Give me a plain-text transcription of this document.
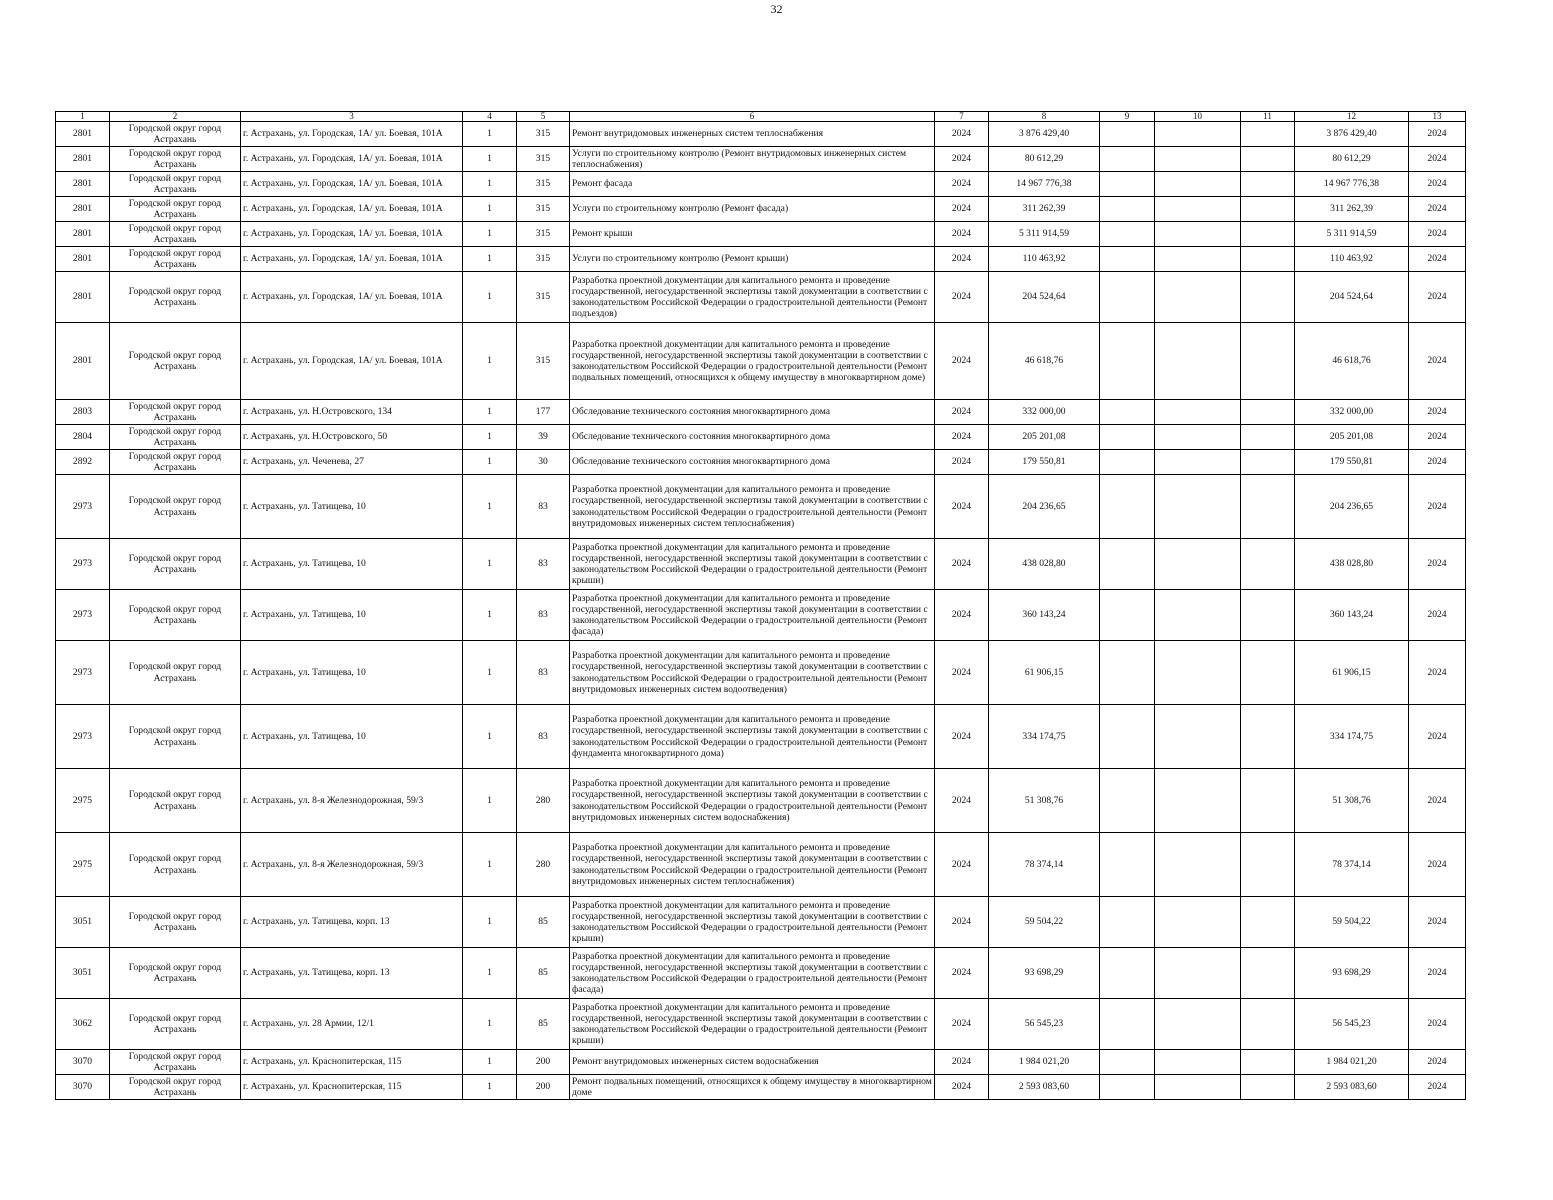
32
1	2	3	4	5	6	7	8	9	10	11	12	13
2801	Городской округ город Астрахань	г. Астрахань, ул. Городская, 1А/ ул. Боевая, 101А	1	315	Ремонт внутридомовых инженерных систем теплоснабжения	2024	3 876 429,40				3 876 429,40	2024
2801	Городской округ город Астрахань	г. Астрахань, ул. Городская, 1А/ ул. Боевая, 101А	1	315	Услуги по строительному контролю (Ремонт внутридомовых инженерных систем теплоснабжения)	2024	80 612,29				80 612,29	2024
2801	Городской округ город Астрахань	г. Астрахань, ул. Городская, 1А/ ул. Боевая, 101А	1	315	Ремонт фасада	2024	14 967 776,38				14 967 776,38	2024
2801	Городской округ город Астрахань	г. Астрахань, ул. Городская, 1А/ ул. Боевая, 101А	1	315	Услуги по строительному контролю (Ремонт фасада)	2024	311 262,39				311 262,39	2024
2801	Городской округ город Астрахань	г. Астрахань, ул. Городская, 1А/ ул. Боевая, 101А	1	315	Ремонт крыши	2024	5 311 914,59				5 311 914,59	2024
2801	Городской округ город Астрахань	г. Астрахань, ул. Городская, 1А/ ул. Боевая, 101А	1	315	Услуги по строительному контролю (Ремонт крыши)	2024	110 463,92				110 463,92	2024
2801	Городской округ город Астрахань	г. Астрахань, ул. Городская, 1А/ ул. Боевая, 101А	1	315	Разработка проектной документации для капитального ремонта и проведение государственной, негосударственной экспертизы такой документации в соответствии с законодательством Российской Федерации о градостроительной деятельности (Ремонт подъездов)	2024	204 524,64				204 524,64	2024
2801	Городской округ город Астрахань	г. Астрахань, ул. Городская, 1А/ ул. Боевая, 101А	1	315	Разработка проектной документации для капитального ремонта и проведение государственной, негосударственной экспертизы такой документации в соответствии с законодательством Российской Федерации о градостроительной деятельности (Ремонт подвальных помещений, относящихся к общему имуществу в многоквартирном доме)	2024	46 618,76				46 618,76	2024
2803	Городской округ город Астрахань	г. Астрахань, ул. Н.Островского, 134	1	177	Обследование технического состояния многоквартирного дома	2024	332 000,00				332 000,00	2024
2804	Городской округ город Астрахань	г. Астрахань, ул. Н.Островского, 50	1	39	Обследование технического состояния многоквартирного дома	2024	205 201,08				205 201,08	2024
2892	Городской округ город Астрахань	г. Астрахань, ул. Чеченева, 27	1	30	Обследование технического состояния многоквартирного дома	2024	179 550,81				179 550,81	2024
2973	Городской округ город Астрахань	г. Астрахань, ул. Татищева, 10	1	83	Разработка проектной документации для капитального ремонта и проведение государственной, негосударственной экспертизы такой документации в соответствии с законодательством Российской Федерации о градостроительной деятельности (Ремонт внутридомовых инженерных систем теплоснабжения)	2024	204 236,65				204 236,65	2024
2973	Городской округ город Астрахань	г. Астрахань, ул. Татищева, 10	1	83	Разработка проектной документации для капитального ремонта и проведение государственной, негосударственной экспертизы такой документации в соответствии с законодательством Российской Федерации о градостроительной деятельности (Ремонт крыши)	2024	438 028,80				438 028,80	2024
2973	Городской округ город Астрахань	г. Астрахань, ул. Татищева, 10	1	83	Разработка проектной документации для капитального ремонта и проведение государственной, негосударственной экспертизы такой документации в соответствии с законодательством Российской Федерации о градостроительной деятельности (Ремонт фасада)	2024	360 143,24				360 143,24	2024
2973	Городской округ город Астрахань	г. Астрахань, ул. Татищева, 10	1	83	Разработка проектной документации для капитального ремонта и проведение государственной, негосударственной экспертизы такой документации в соответствии с законодательством Российской Федерации о градостроительной деятельности (Ремонт внутридомовых инженерных систем водоотведения)	2024	61 906,15				61 906,15	2024
2973	Городской округ город Астрахань	г. Астрахань, ул. Татищева, 10	1	83	Разработка проектной документации для капитального ремонта и проведение государственной, негосударственной экспертизы такой документации в соответствии с законодательством Российской Федерации о градостроительной деятельности (Ремонт фундамента многоквартирного дома)	2024	334 174,75				334 174,75	2024
2975	Городской округ город Астрахань	г. Астрахань, ул. 8-я Железнодорожная, 59/3	1	280	Разработка проектной документации для капитального ремонта и проведение государственной, негосударственной экспертизы такой документации в соответствии с законодательством Российской Федерации о градостроительной деятельности (Ремонт внутридомовых инженерных систем водоснабжения)	2024	51 308,76				51 308,76	2024
2975	Городской округ город Астрахань	г. Астрахань, ул. 8-я Железнодорожная, 59/3	1	280	Разработка проектной документации для капитального ремонта и проведение государственной, негосударственной экспертизы такой документации в соответствии с законодательством Российской Федерации о градостроительной деятельности (Ремонт внутридомовых инженерных систем теплоснабжения)	2024	78 374,14				78 374,14	2024
3051	Городской округ город Астрахань	г. Астрахань, ул. Татищева, корп. 13	1	85	Разработка проектной документации для капитального ремонта и проведение государственной, негосударственной экспертизы такой документации в соответствии с законодательством Российской Федерации о градостроительной деятельности (Ремонт крыши)	2024	59 504,22				59 504,22	2024
3051	Городской округ город Астрахань	г. Астрахань, ул. Татищева, корп. 13	1	85	Разработка проектной документации для капитального ремонта и проведение государственной, негосударственной экспертизы такой документации в соответствии с законодательством Российской Федерации о градостроительной деятельности (Ремонт фасада)	2024	93 698,29				93 698,29	2024
3062	Городской округ город Астрахань	г. Астрахань, ул. 28 Армии, 12/1	1	85	Разработка проектной документации для капитального ремонта и проведение государственной, негосударственной экспертизы такой документации в соответствии с законодательством Российской Федерации о градостроительной деятельности (Ремонт крыши)	2024	56 545,23				56 545,23	2024
3070	Городской округ город Астрахань	г. Астрахань, ул. Краснопитерская, 115	1	200	Ремонт внутридомовых инженерных систем водоснабжения	2024	1 984 021,20				1 984 021,20	2024
3070	Городской округ город Астрахань	г. Астрахань, ул. Краснопитерская, 115	1	200	Ремонт подвальных помещений, относящихся к общему имуществу в многоквартирном доме	2024	2 593 083,60				2 593 083,60	2024
